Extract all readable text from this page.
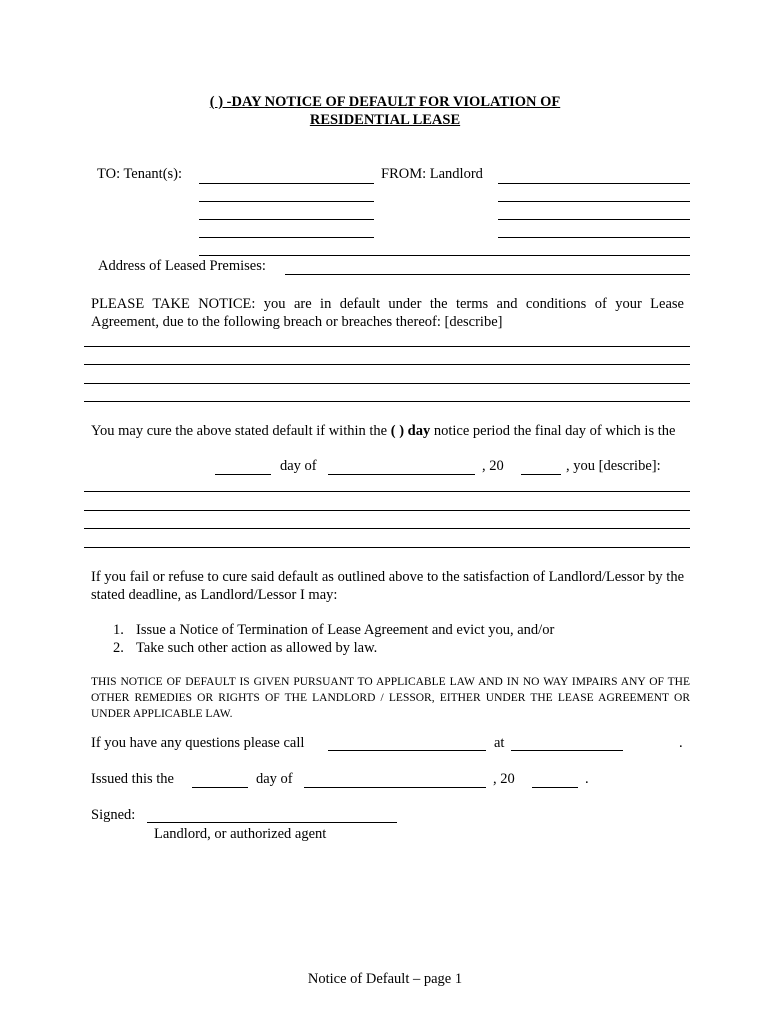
( ) -DAY NOTICE OF DEFAULT FOR VIOLATION OF
RESIDENTIAL LEASE
TO: Tenant(s):	FROM: Landlord
Address of Leased Premises:
PLEASE TAKE NOTICE: you are in default under the terms and conditions of your Lease Agreement, due to the following breach or breaches thereof: [describe]
You may cure the above stated default if within the ( ) day notice period the final day of which is the
day of	, 20	, you [describe]:
If you fail or refuse to cure said default as outlined above to the satisfaction of Landlord/Lessor by the stated deadline, as Landlord/Lessor I may:
1. Issue a Notice of Termination of Lease Agreement and evict you, and/or
2. Take such other action as allowed by law.
THIS NOTICE OF DEFAULT IS GIVEN PURSUANT TO APPLICABLE LAW AND IN NO WAY IMPAIRS ANY OF THE OTHER REMEDIES OR RIGHTS OF THE LANDLORD / LESSOR, EITHER UNDER THE LEASE AGREEMENT OR UNDER APPLICABLE LAW.
If you have any questions please call	at	.
Issued this the	day of	, 20	.
Signed:
Landlord, or authorized agent
Notice of Default – page 1
